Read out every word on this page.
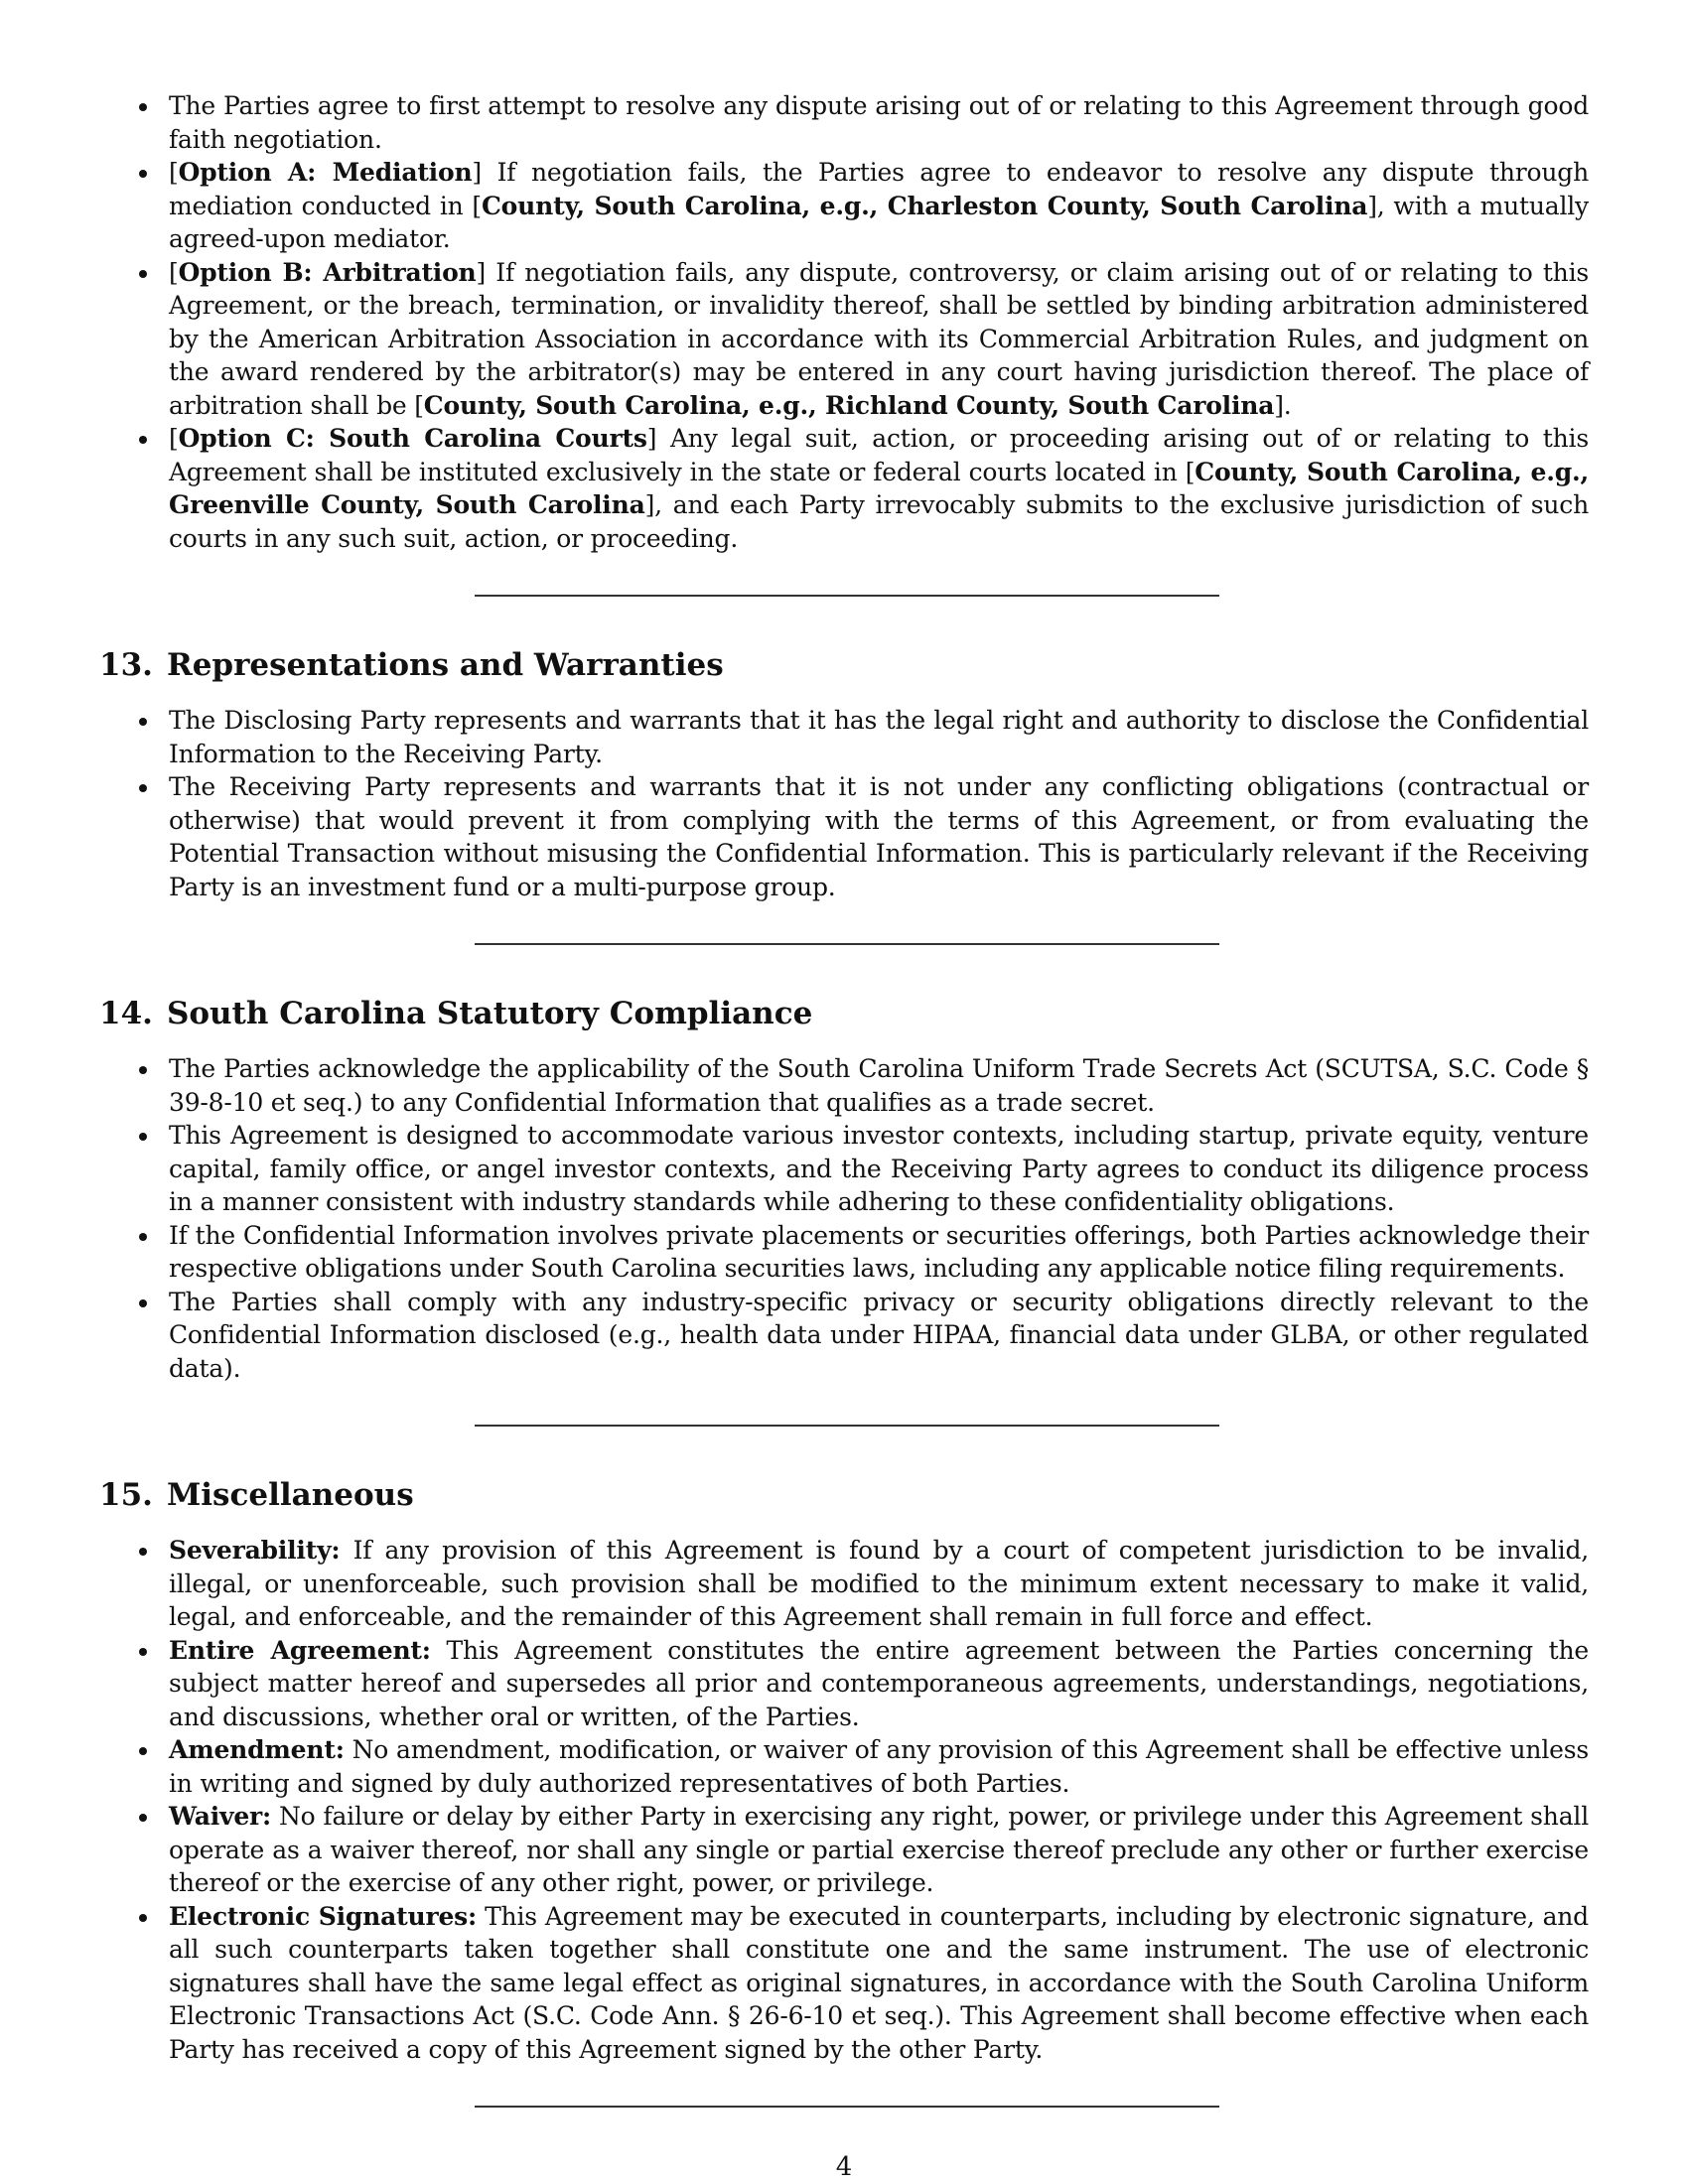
The Parties agree to first attempt to resolve any dispute arising out of or relating to this Agreement through good faith negotiation.
[Option A: Mediation] If negotiation fails, the Parties agree to endeavor to resolve any dispute through mediation conducted in [County, South Carolina, e.g., Charleston County, South Carolina], with a mutually agreed-upon mediator.
[Option B: Arbitration] If negotiation fails, any dispute, controversy, or claim arising out of or relating to this Agreement, or the breach, termination, or invalidity thereof, shall be settled by binding arbitration administered by the American Arbitration Association in accordance with its Commercial Arbitration Rules, and judgment on the award rendered by the arbitrator(s) may be entered in any court having jurisdiction thereof. The place of arbitration shall be [County, South Carolina, e.g., Richland County, South Carolina].
[Option C: South Carolina Courts] Any legal suit, action, or proceeding arising out of or relating to this Agreement shall be instituted exclusively in the state or federal courts located in [County, South Carolina, e.g., Greenville County, South Carolina], and each Party irrevocably submits to the exclusive jurisdiction of such courts in any such suit, action, or proceeding.
13. Representations and Warranties
The Disclosing Party represents and warrants that it has the legal right and authority to disclose the Confidential Information to the Receiving Party.
The Receiving Party represents and warrants that it is not under any conflicting obligations (contractual or otherwise) that would prevent it from complying with the terms of this Agreement, or from evaluating the Potential Transaction without misusing the Confidential Information. This is particularly relevant if the Receiving Party is an investment fund or a multi-purpose group.
14. South Carolina Statutory Compliance
The Parties acknowledge the applicability of the South Carolina Uniform Trade Secrets Act (SCUTSA, S.C. Code § 39-8-10 et seq.) to any Confidential Information that qualifies as a trade secret.
This Agreement is designed to accommodate various investor contexts, including startup, private equity, venture capital, family office, or angel investor contexts, and the Receiving Party agrees to conduct its diligence process in a manner consistent with industry standards while adhering to these confidentiality obligations.
If the Confidential Information involves private placements or securities offerings, both Parties acknowledge their respective obligations under South Carolina securities laws, including any applicable notice filing requirements.
The Parties shall comply with any industry-specific privacy or security obligations directly relevant to the Confidential Information disclosed (e.g., health data under HIPAA, financial data under GLBA, or other regulated data).
15. Miscellaneous
Severability: If any provision of this Agreement is found by a court of competent jurisdiction to be invalid, illegal, or unenforceable, such provision shall be modified to the minimum extent necessary to make it valid, legal, and enforceable, and the remainder of this Agreement shall remain in full force and effect.
Entire Agreement: This Agreement constitutes the entire agreement between the Parties concerning the subject matter hereof and supersedes all prior and contemporaneous agreements, understandings, negotiations, and discussions, whether oral or written, of the Parties.
Amendment: No amendment, modification, or waiver of any provision of this Agreement shall be effective unless in writing and signed by duly authorized representatives of both Parties.
Waiver: No failure or delay by either Party in exercising any right, power, or privilege under this Agreement shall operate as a waiver thereof, nor shall any single or partial exercise thereof preclude any other or further exercise thereof or the exercise of any other right, power, or privilege.
Electronic Signatures: This Agreement may be executed in counterparts, including by electronic signature, and all such counterparts taken together shall constitute one and the same instrument. The use of electronic signatures shall have the same legal effect as original signatures, in accordance with the South Carolina Uniform Electronic Transactions Act (S.C. Code Ann. § 26-6-10 et seq.). This Agreement shall become effective when each Party has received a copy of this Agreement signed by the other Party.
4
